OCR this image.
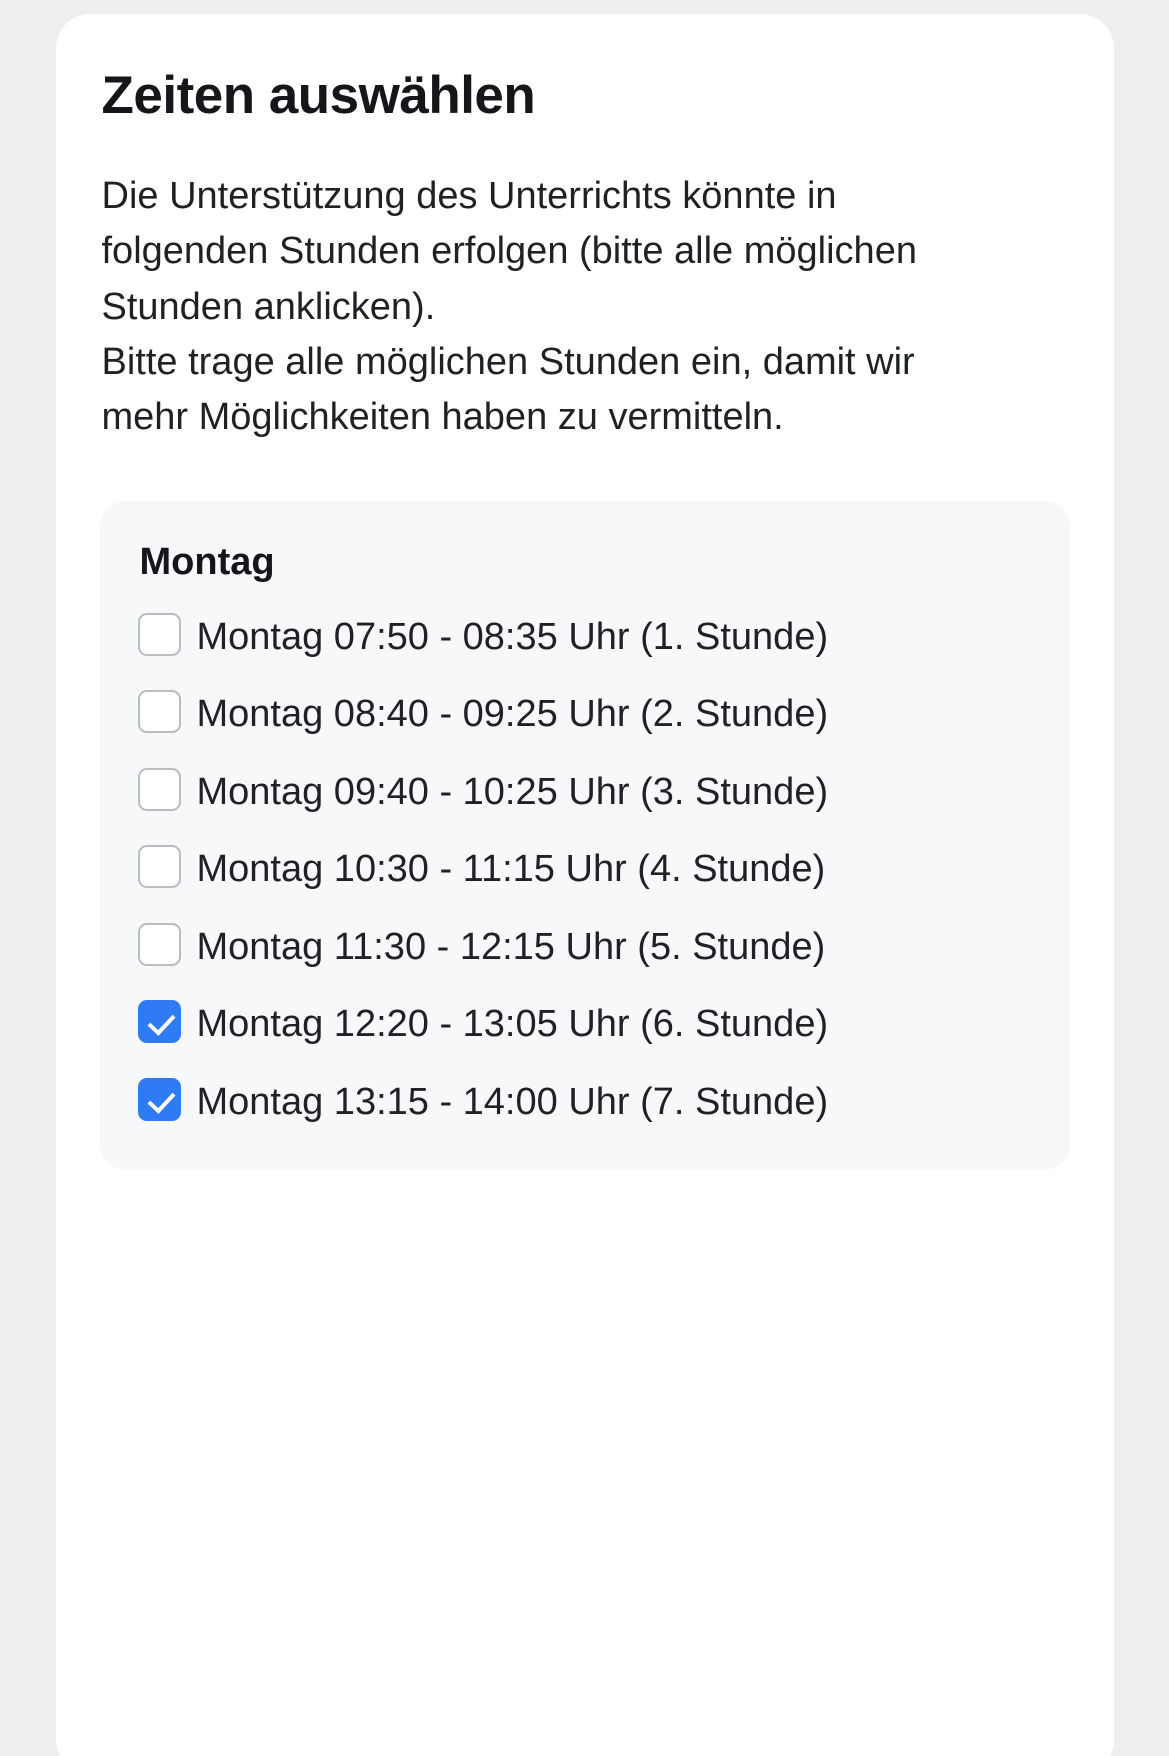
Zeiten auswählen

Die Unterstützung des Unterrichts könnte in folgenden Stunden erfolgen (bitte alle möglichen Stunden anklicken).

Bitte trage alle möglichen Stunden ein, damit wir mehr Möglichkeiten haben zu vermitteln.

Montag
Montag 07:50 - 08:35 Uhr (1. Stunde)
Montag 08:40 - 09:25 Uhr (2. Stunde)
Montag 09:40 - 10:25 Uhr (3. Stunde)
Montag 10:30 - 11:15 Uhr (4. Stunde)
Montag 11:30 - 12:15 Uhr (5. Stunde)
Montag 12:20 - 13:05 Uhr (6. Stunde)
Montag 13:15 - 14:00 Uhr (7. Stunde)
